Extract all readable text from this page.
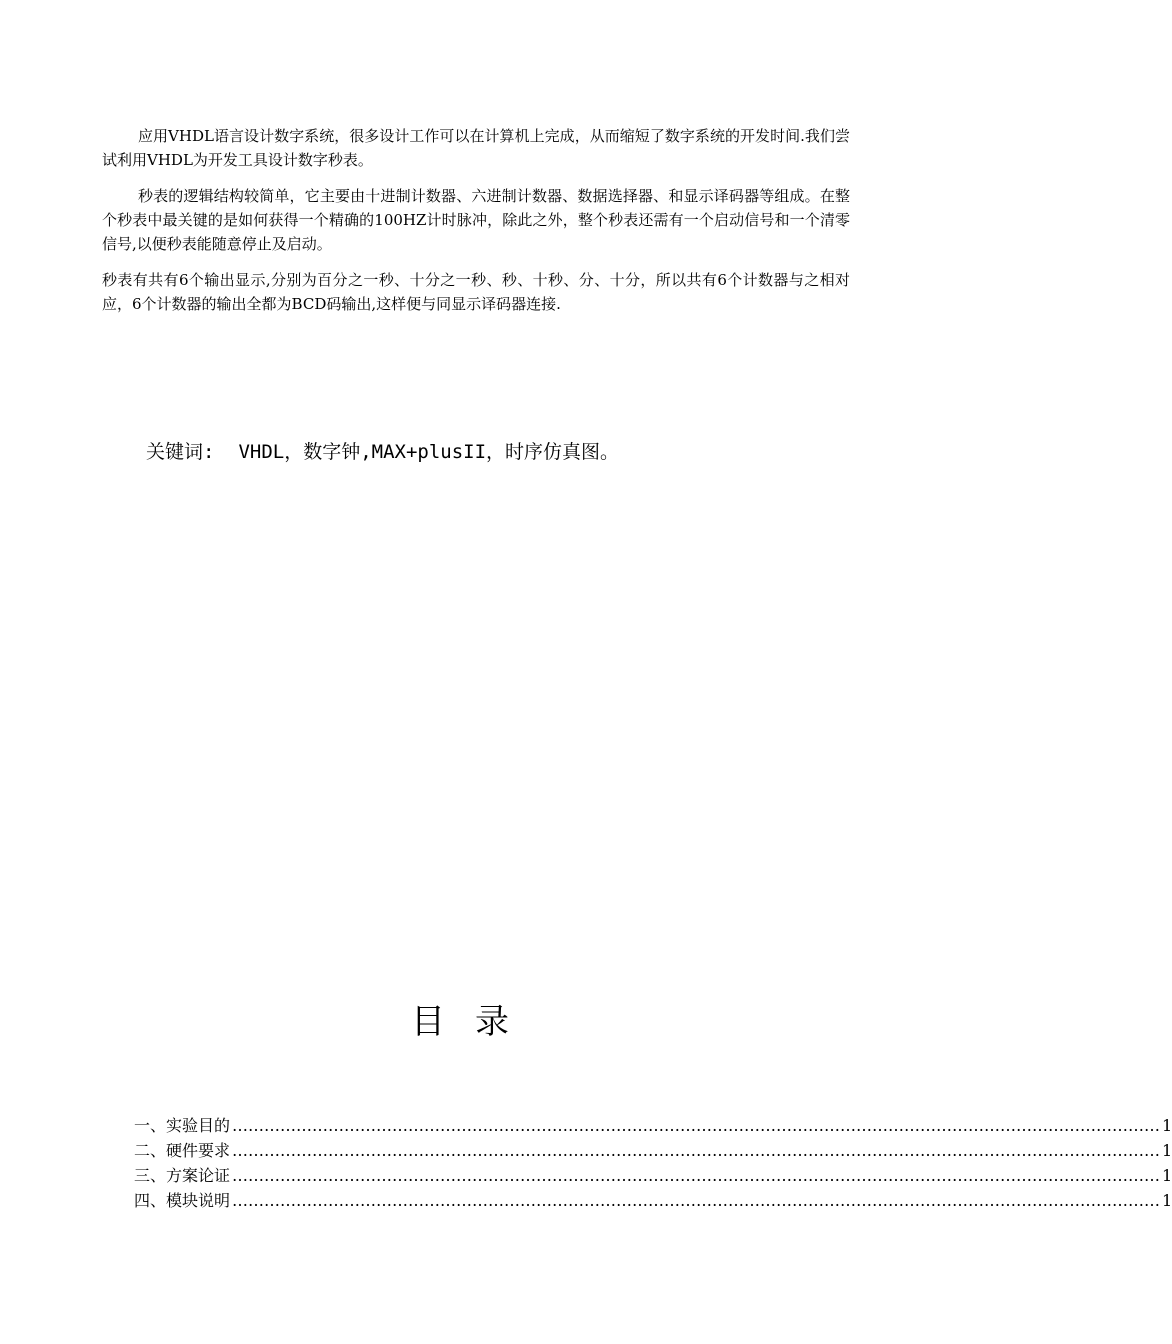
应用VHDL语言设计数字系统，很多设计工作可以在计算机上完成，从而缩短了数字系统的开发时间.我们尝试利用VHDL为开发工具设计数字秒表。

秒表的逻辑结构较简单，它主要由十进制计数器、六进制计数器、数据选择器、和显示译码器等组成。在整个秒表中最关键的是如何获得一个精确的100HZ计时脉冲，除此之外，整个秒表还需有一个启动信号和一个清零信号,以便秒表能随意停止及启动。

秒表有共有6个输出显示,分别为百分之一秒、十分之一秒、秒、十秒、分、十分，所以共有6个计数器与之相对应，6个计数器的输出全都为BCD码输出,这样便与同显示译码器连接.

关键词: VHDL，数字钟,MAX+plusII，时序仿真图。
目录
一、实验目的 ………………………………………………………………………………………………………………………………………………………… 1
二、硬件要求 ………………………………………………………………………………………………………………………………………………………… 1
三、方案论证 ………………………………………………………………………………………………………………………………………………………… 1
四、模块说明 ………………………………………………………………………………………………………………………………………………………… 1
